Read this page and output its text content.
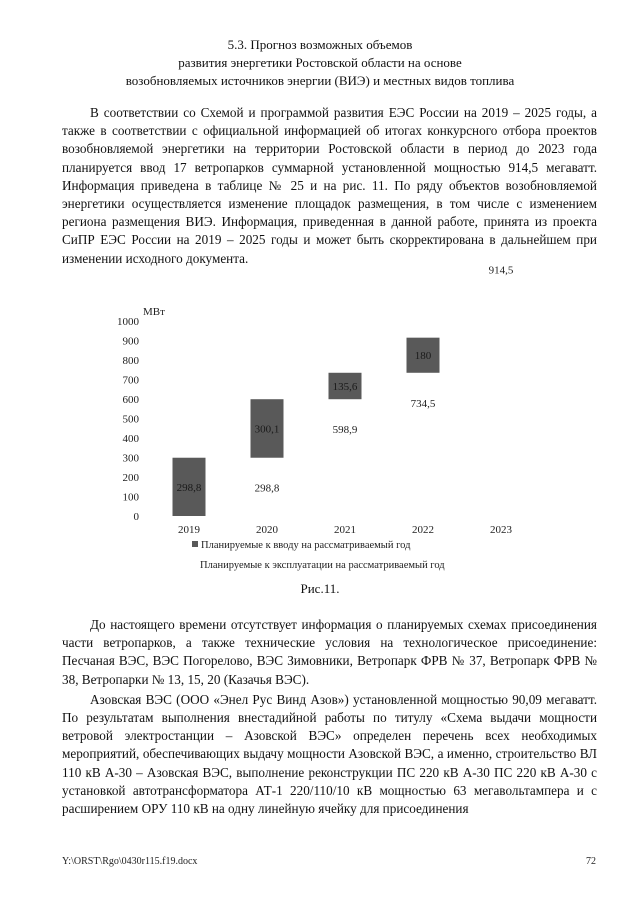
5.3. Прогноз возможных объемов
развития энергетики Ростовской области на основе
возобновляемых источников энергии (ВИЭ) и местных видов топлива

В соответствии со Схемой и программой развития ЕЭС России на 2019 – 2025 годы, а также в соответствии с официальной информацией об итогах конкурсного отбора проектов возобновляемой энергетики на территории Ростовской области в период до 2023 года планируется ввод 17 ветропарков суммарной установленной мощностью 914,5 мегаватт. Информация приведена в таблице № 25 и на рис. 11. По ряду объектов возобновляемой энергетики осуществляется изменение площадок размещения, в том числе с изменением региона размещения ВИЭ. Информация, приведенная в данной работе, принята из проекта СиПР ЕЭС России на 2019 – 2025 годы и может быть скорректирована в дальнейшем при изменении исходного документа.

МВт
0
100
200
300
400
500
600
700
800
900
1000
298,8
2019
300,1
298,8
2020
135,6
598,9
2021
180
734,5
2022
914,5
2023
Планируемые к вводу на рассматриваемый год
Планируемые к эксплуатации на рассматриваемый год
Рис.11.

До настоящего времени отсутствует информация о планируемых схемах присоединения части ветропарков, а также технические условия на технологическое присоединение: Песчаная ВЭС, ВЭС Погорелово, ВЭС Зимовники, Ветропарк ФРВ № 37, Ветропарк ФРВ № 38, Ветропарки № 13, 15, 20 (Казачья ВЭС).

Азовская ВЭС (ООО «Энел Рус Винд Азов») установленной мощностью 90,09 мегаватт. По результатам выполнения внестадийной работы по титулу «Схема выдачи мощности ветровой электростанции – Азовской ВЭС» определен перечень всех необходимых мероприятий, обеспечивающих выдачу мощности Азовской ВЭС, а именно, строительство ВЛ 110 кВ А-30 – Азовская ВЭС, выполнение реконструкции ПС 220 кВ А-30 ПС 220 кВ А-30 с установкой автотрансформатора АТ-1 220/110/10 кВ мощностью 63 мегавольтампера и с расширением ОРУ 110 кВ на одну линейную ячейку для присоединения

Y:\ORST\Rgo\0430r115.f19.docx	72
